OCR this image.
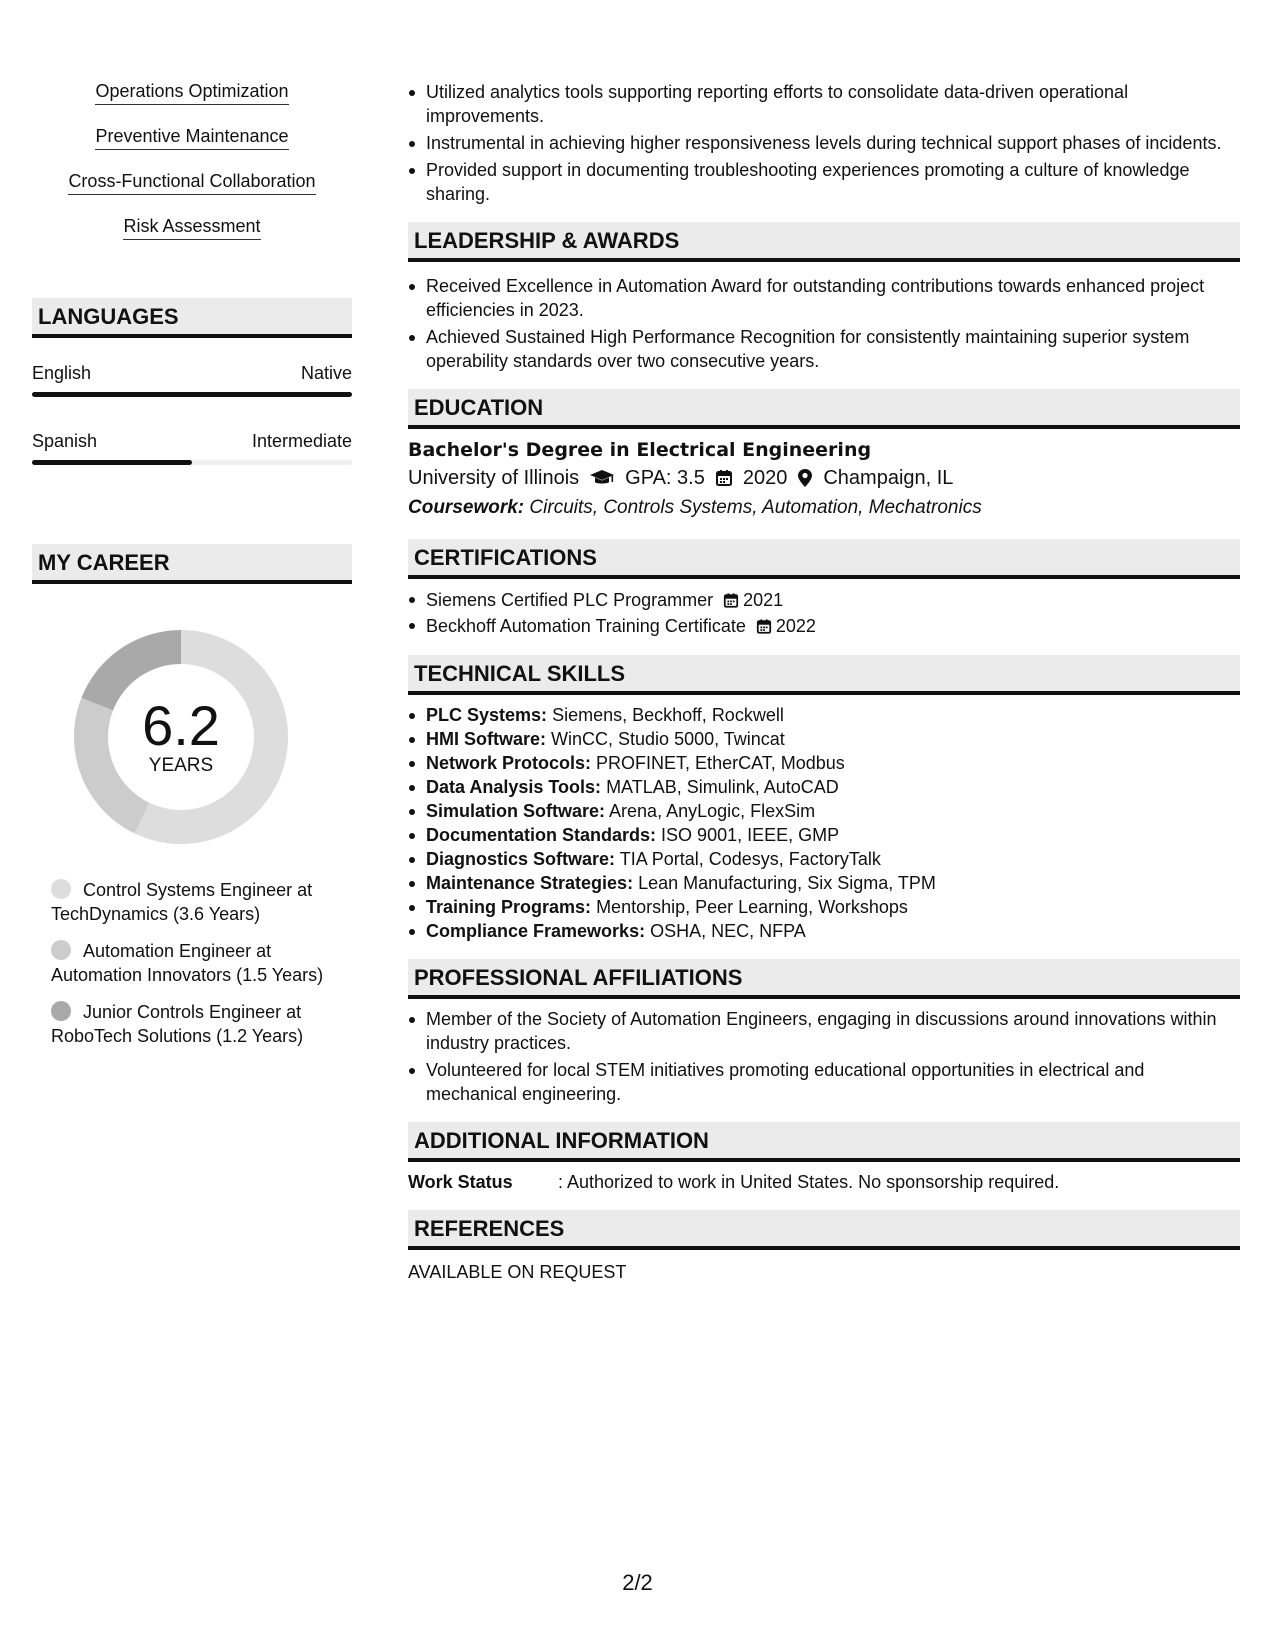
Operations Optimization
Preventive Maintenance
Cross-Functional Collaboration
Risk Assessment
LANGUAGES
English	Native
Spanish	Intermediate
MY CAREER
6.2
YEARS
Control Systems Engineer at TechDynamics (3.6 Years)
Automation Engineer at Automation Innovators (1.5 Years)
Junior Controls Engineer at RoboTech Solutions (1.2 Years)
Utilized analytics tools supporting reporting efforts to consolidate data-driven operational improvements.
Instrumental in achieving higher responsiveness levels during technical support phases of incidents.
Provided support in documenting troubleshooting experiences promoting a culture of knowledge sharing.
LEADERSHIP & AWARDS
Received Excellence in Automation Award for outstanding contributions towards enhanced project efficiencies in 2023.
Achieved Sustained High Performance Recognition for consistently maintaining superior system operability standards over two consecutive years.
EDUCATION
Bachelor's Degree in Electrical Engineering
University of Illinois GPA: 3.5 2020 Champaign, IL
Coursework: Circuits, Controls Systems, Automation, Mechatronics
CERTIFICATIONS
Siemens Certified PLC Programmer 2021
Beckhoff Automation Training Certificate 2022
TECHNICAL SKILLS
PLC Systems: Siemens, Beckhoff, Rockwell
HMI Software: WinCC, Studio 5000, Twincat
Network Protocols: PROFINET, EtherCAT, Modbus
Data Analysis Tools: MATLAB, Simulink, AutoCAD
Simulation Software: Arena, AnyLogic, FlexSim
Documentation Standards: ISO 9001, IEEE, GMP
Diagnostics Software: TIA Portal, Codesys, FactoryTalk
Maintenance Strategies: Lean Manufacturing, Six Sigma, TPM
Training Programs: Mentorship, Peer Learning, Workshops
Compliance Frameworks: OSHA, NEC, NFPA
PROFESSIONAL AFFILIATIONS
Member of the Society of Automation Engineers, engaging in discussions around innovations within industry practices.
Volunteered for local STEM initiatives promoting educational opportunities in electrical and mechanical engineering.
ADDITIONAL INFORMATION
Work Status	: Authorized to work in United States. No sponsorship required.
REFERENCES
AVAILABLE ON REQUEST
2/2
